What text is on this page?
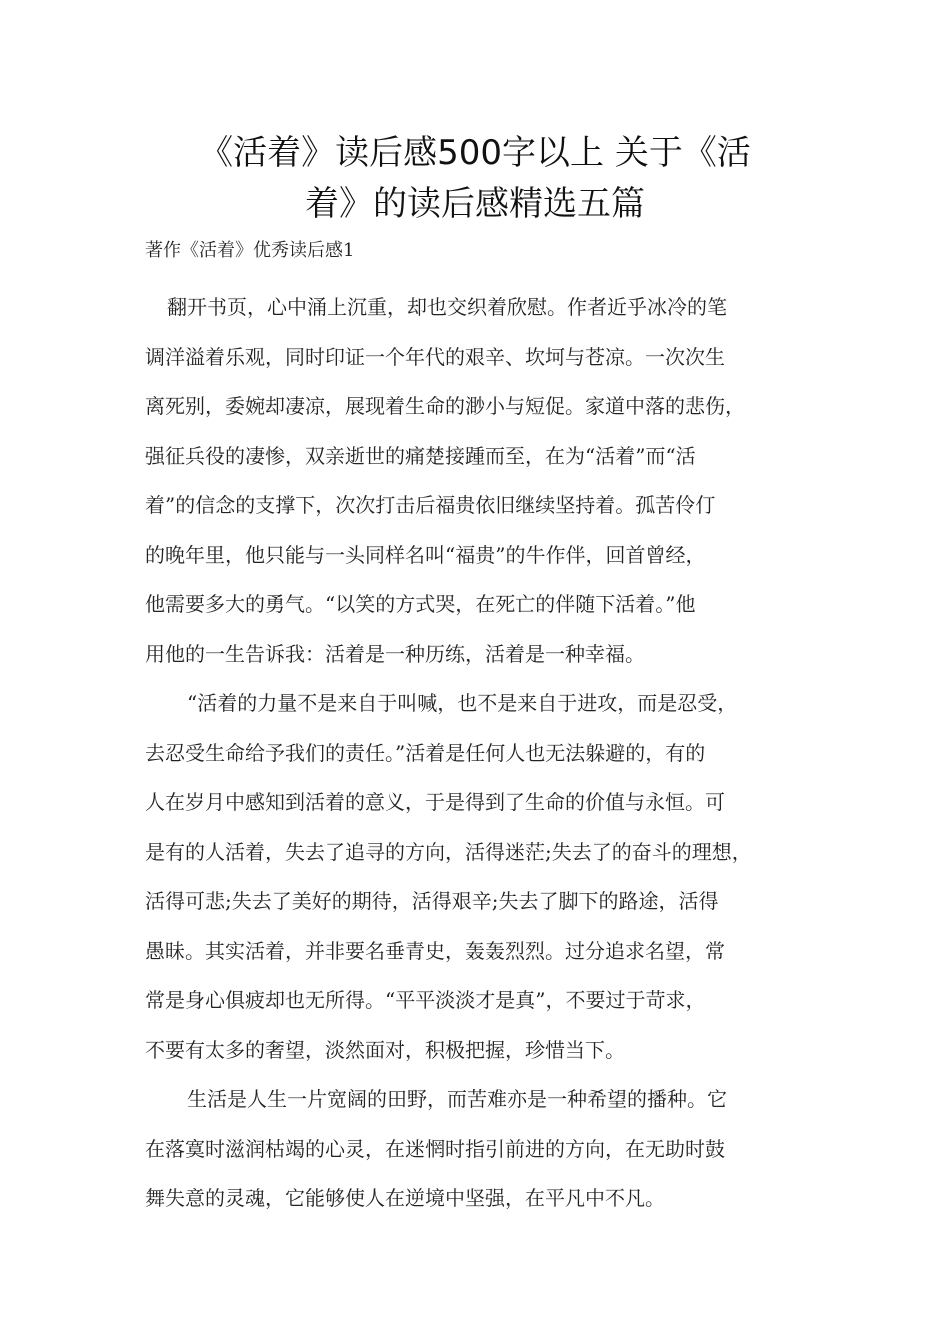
《活着》读后感500字以上 关于《活
着》的读后感精选五篇
著作《活着》优秀读后感1

翻开书页，心中涌上沉重，却也交织着欣慰。作者近乎冰冷的笔
调洋溢着乐观，同时印证一个年代的艰辛、坎坷与苍凉。一次次生
离死别，委婉却凄凉，展现着生命的渺小与短促。家道中落的悲伤，
强征兵役的凄惨，双亲逝世的痛楚接踵而至，在为“活着”而“活
着”的信念的支撑下，次次打击后福贵依旧继续坚持着。孤苦伶仃
的晚年里，他只能与一头同样名叫“福贵”的牛作伴，回首曾经，
他需要多大的勇气。“以笑的方式哭，在死亡的伴随下活着。”他
用他的一生告诉我：活着是一种历练，活着是一种幸福。

“活着的力量不是来自于叫喊，也不是来自于进攻，而是忍受，
去忍受生命给予我们的责任。”活着是任何人也无法躲避的，有的
人在岁月中感知到活着的意义，于是得到了生命的价值与永恒。可
是有的人活着，失去了追寻的方向，活得迷茫;失去了的奋斗的理想，
活得可悲;失去了美好的期待，活得艰辛;失去了脚下的路途，活得
愚昧。其实活着，并非要名垂青史，轰轰烈烈。过分追求名望，常
常是身心俱疲却也无所得。“平平淡淡才是真”，不要过于苛求，
不要有太多的奢望，淡然面对，积极把握，珍惜当下。

生活是人生一片宽阔的田野，而苦难亦是一种希望的播种。它
在落寞时滋润枯竭的心灵，在迷惘时指引前进的方向，在无助时鼓
舞失意的灵魂，它能够使人在逆境中坚强，在平凡中不凡。
